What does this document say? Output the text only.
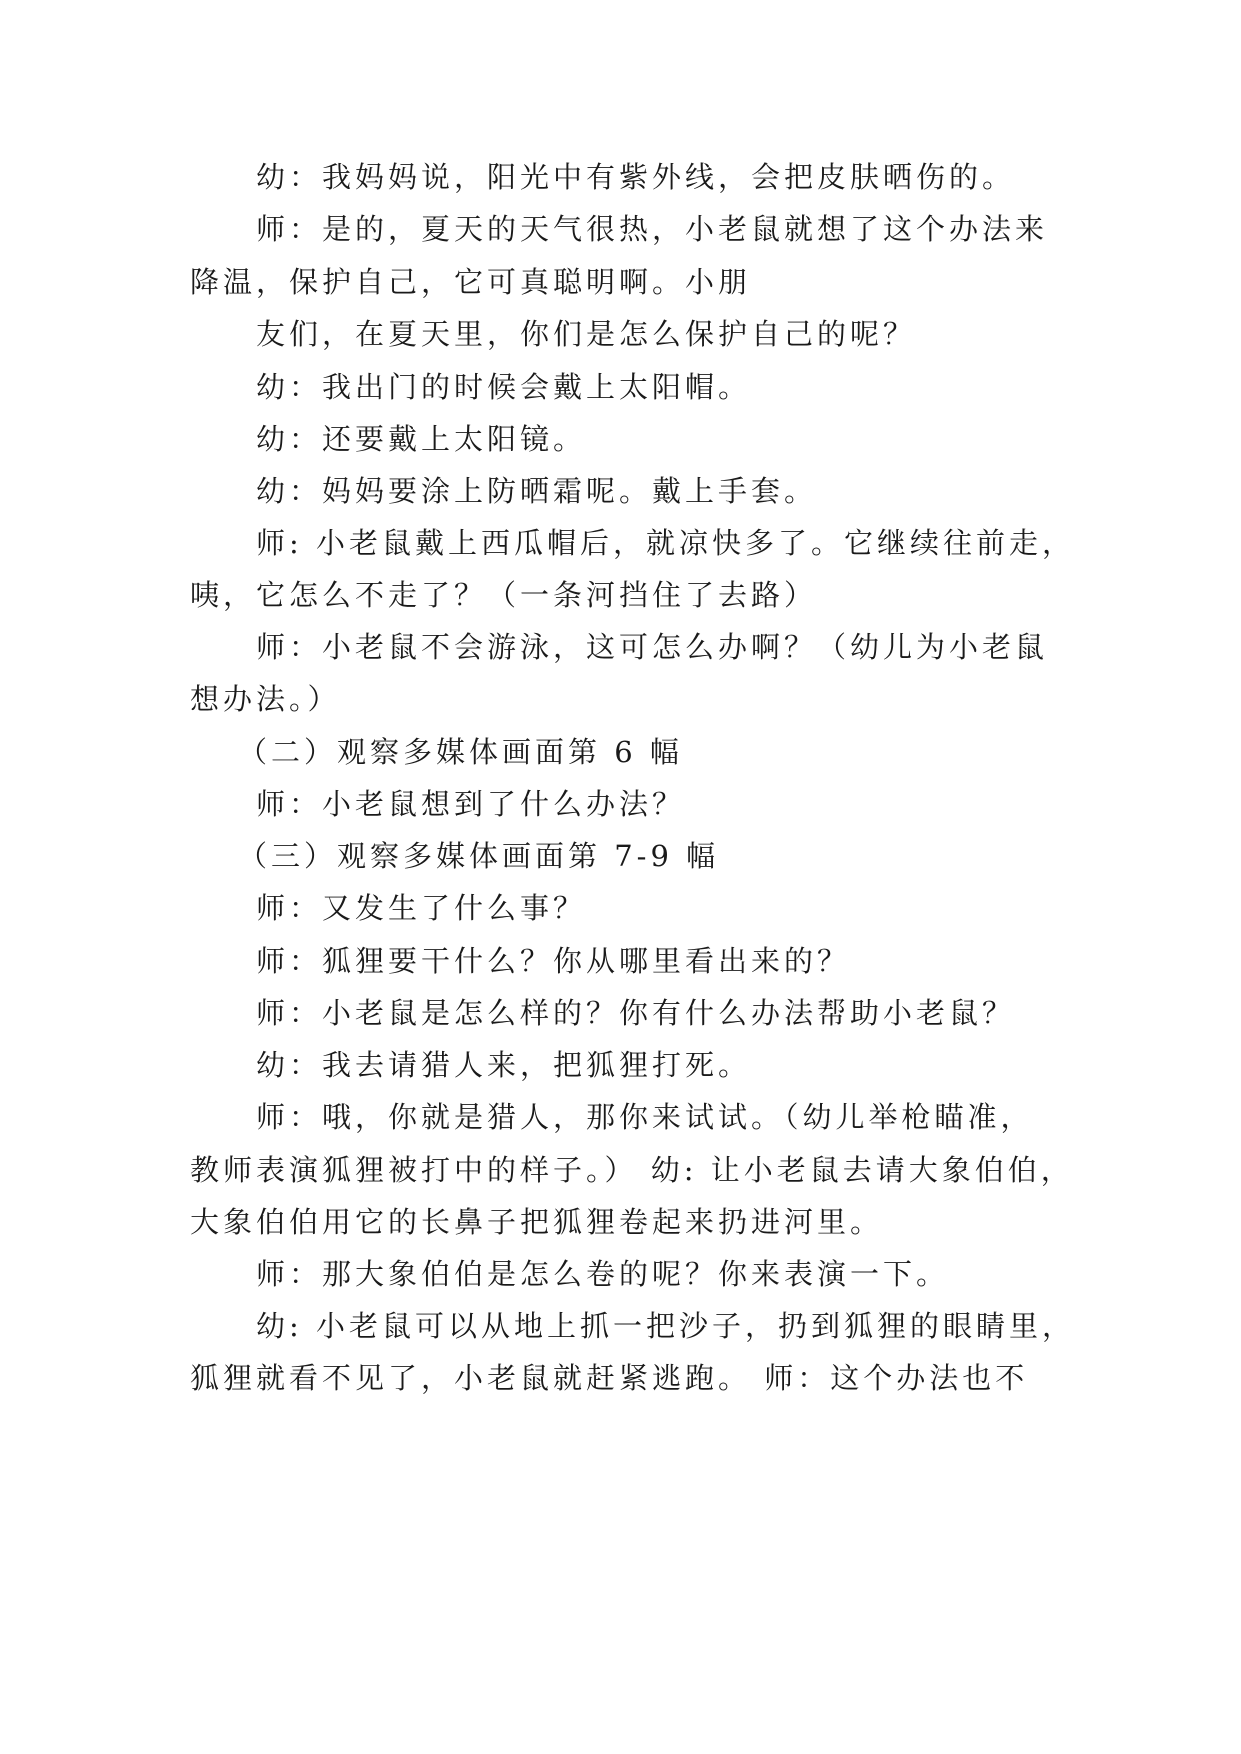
幼：我妈妈说，阳光中有紫外线，会把皮肤晒伤的。
师：是的，夏天的天气很热，小老鼠就想了这个办法来
降温，保护自己，它可真聪明啊。小朋
友们，在夏天里，你们是怎么保护自己的呢？
幼：我出门的时候会戴上太阳帽。
幼：还要戴上太阳镜。
幼：妈妈要涂上防晒霜呢。戴上手套。
师: 小老鼠戴上西瓜帽后，就凉快多了。它继续往前走，
咦，它怎么不走了？（一条河挡住了去路）
师：小老鼠不会游泳，这可怎么办啊？（幼儿为小老鼠
想办法。）
（二）观察多媒体画面第 6 幅
师：小老鼠想到了什么办法？
（三）观察多媒体画面第 7-9 幅
师：又发生了什么事？
师：狐狸要干什么？你从哪里看出来的？
师：小老鼠是怎么样的？你有什么办法帮助小老鼠？
幼：我去请猎人来，把狐狸打死。
师：哦，你就是猎人，那你来试试。（幼儿举枪瞄准，
教师表演狐狸被打中的样子。） 幼: 让小老鼠去请大象伯伯，
大象伯伯用它的长鼻子把狐狸卷起来扔进河里。
师：那大象伯伯是怎么卷的呢？你来表演一下。
幼: 小老鼠可以从地上抓一把沙子，扔到狐狸的眼睛里，
狐狸就看不见了，小老鼠就赶紧逃跑。 师：这个办法也不
